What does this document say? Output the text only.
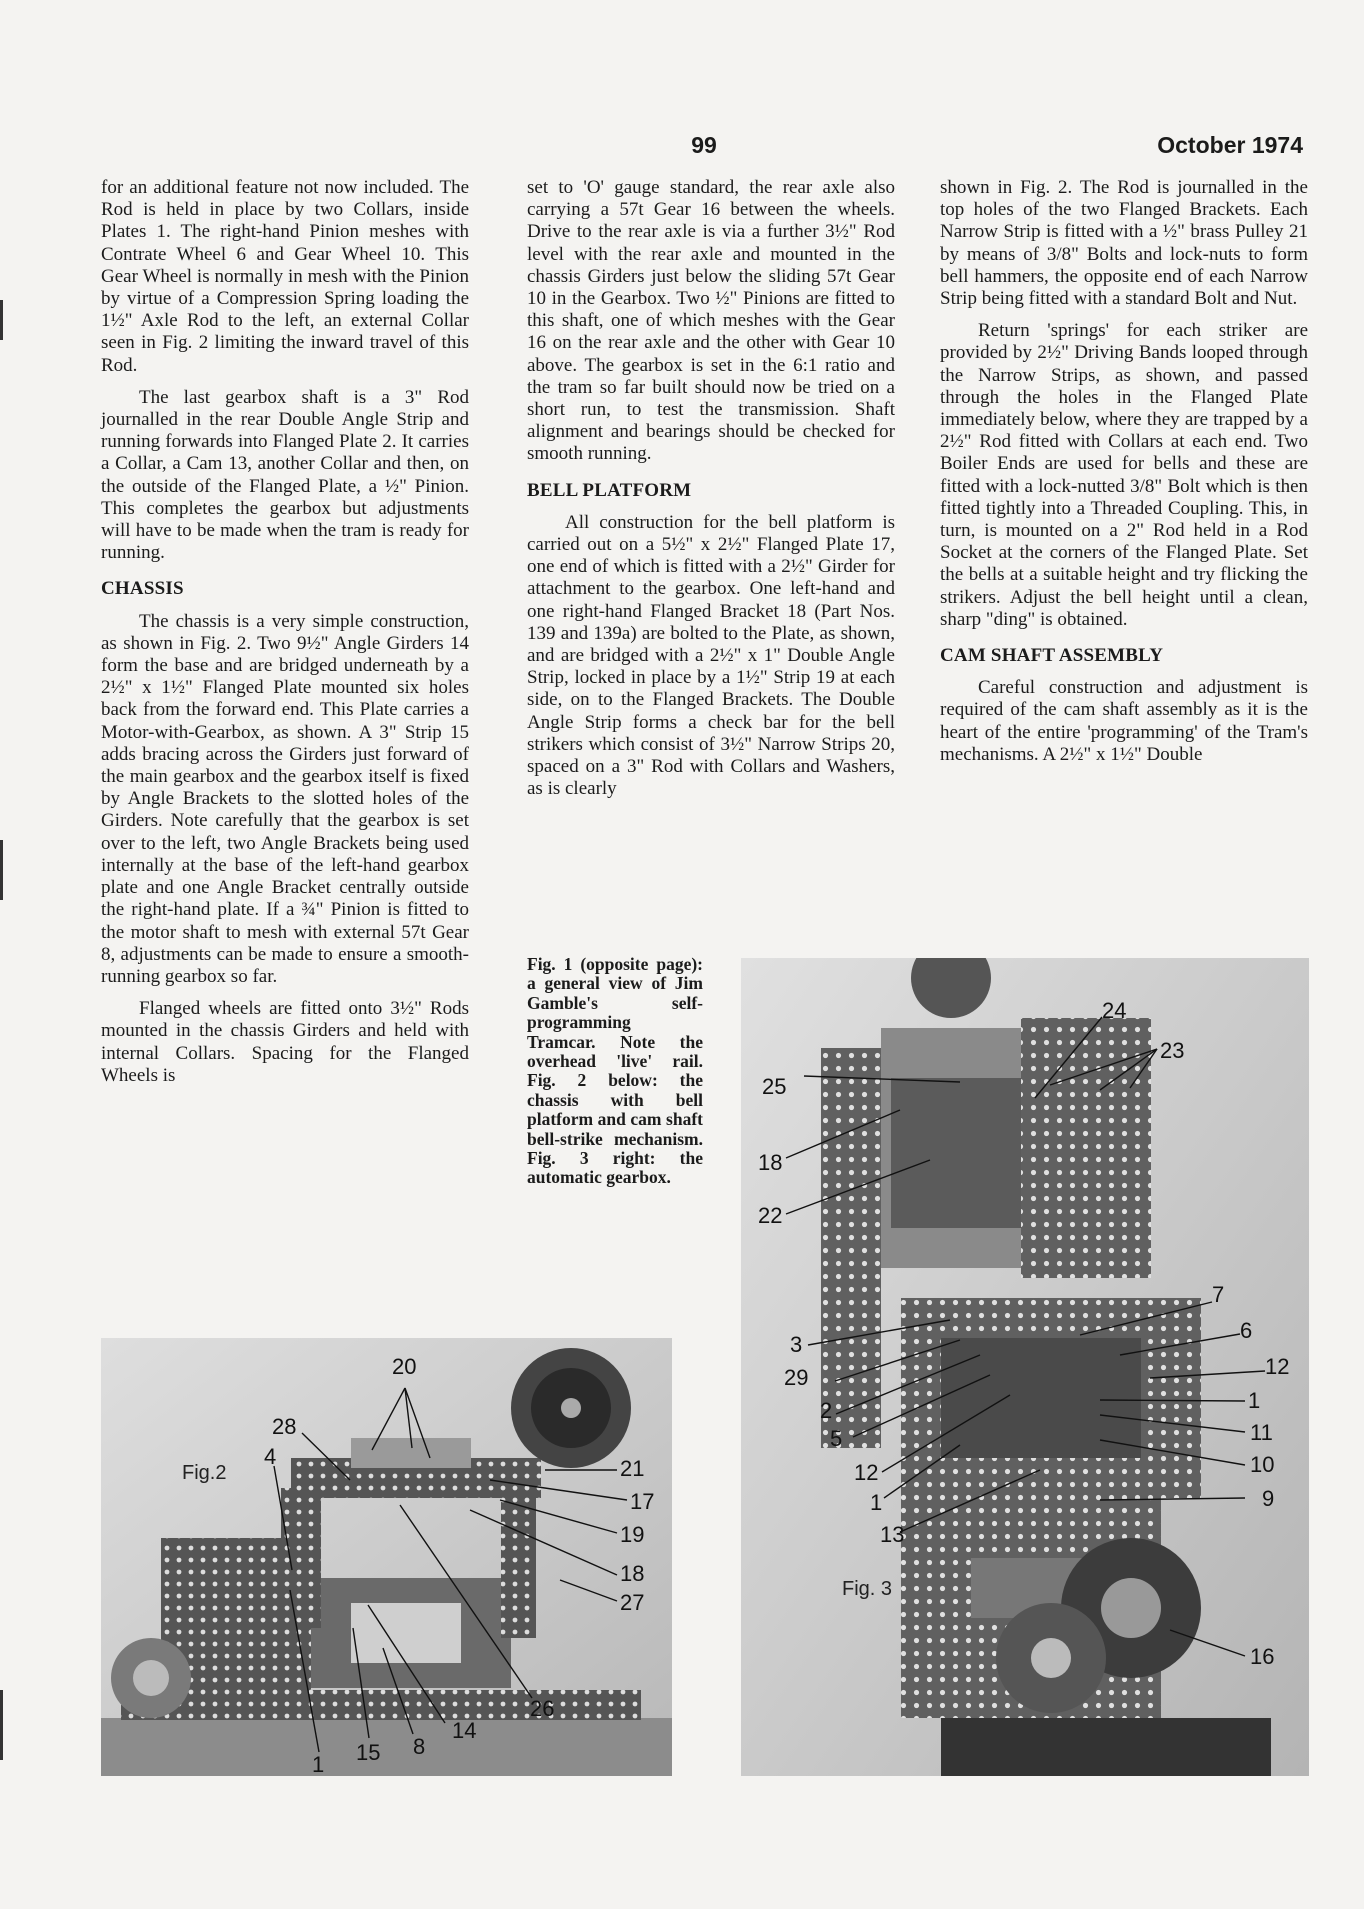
99	October 1974

for an additional feature not now included. The Rod is held in place by two Collars, inside Plates 1. The right-hand Pinion meshes with Contrate Wheel 6 and Gear Wheel 10. This Gear Wheel is normally in mesh with the Pinion by virtue of a Compression Spring loading the 1½" Axle Rod to the left, an external Collar seen in Fig. 2 limiting the inward travel of this Rod.

The last gearbox shaft is a 3" Rod journalled in the rear Double Angle Strip and running forwards into Flanged Plate 2. It carries a Collar, a Cam 13, another Collar and then, on the outside of the Flanged Plate, a ½" Pinion. This completes the gearbox but adjustments will have to be made when the tram is ready for running.

CHASSIS

The chassis is a very simple construction, as shown in Fig. 2. Two 9½" Angle Girders 14 form the base and are bridged underneath by a 2½" x 1½" Flanged Plate mounted six holes back from the forward end. This Plate carries a Motor-with-Gearbox, as shown. A 3" Strip 15 adds bracing across the Girders just forward of the main gearbox and the gearbox itself is fixed by Angle Brackets to the slotted holes of the Girders. Note carefully that the gearbox is set over to the left, two Angle Brackets being used internally at the base of the left-hand gearbox plate and one Angle Bracket centrally outside the right-hand plate. If a ¾" Pinion is fitted to the motor shaft to mesh with external 57t Gear 8, adjustments can be made to ensure a smooth-running gearbox so far.

Flanged wheels are fitted onto 3½" Rods mounted in the chassis Girders and held with internal Collars. Spacing for the Flanged Wheels is

set to 'O' gauge standard, the rear axle also carrying a 57t Gear 16 between the wheels. Drive to the rear axle is via a further 3½" Rod level with the rear axle and mounted in the chassis Girders just below the sliding 57t Gear 10 in the Gearbox. Two ½" Pinions are fitted to this shaft, one of which meshes with the Gear 16 on the rear axle and the other with Gear 10 above. The gearbox is set in the 6:1 ratio and the tram so far built should now be tried on a short run, to test the transmission. Shaft alignment and bearings should be checked for smooth running.

BELL PLATFORM

All construction for the bell platform is carried out on a 5½" x 2½" Flanged Plate 17, one end of which is fitted with a 2½" Girder for attachment to the gearbox. One left-hand and one right-hand Flanged Bracket 18 (Part Nos. 139 and 139a) are bolted to the Plate, as shown, and are bridged with a 2½" x 1" Double Angle Strip, locked in place by a 1½" Strip 19 at each side, on to the Flanged Brackets. The Double Angle Strip forms a check bar for the bell strikers which consist of 3½" Narrow Strips 20, spaced on a 3" Rod with Collars and Washers, as is clearly

shown in Fig. 2. The Rod is journalled in the top holes of the two Flanged Brackets. Each Narrow Strip is fitted with a ½" brass Pulley 21 by means of 3/8" Bolts and lock-nuts to form bell hammers, the opposite end of each Narrow Strip being fitted with a standard Bolt and Nut.

Return 'springs' for each striker are provided by 2½" Driving Bands looped through the Narrow Strips, as shown, and passed through the holes in the Flanged Plate immediately below, where they are trapped by a 2½" Rod fitted with Collars at each end. Two Boiler Ends are used for bells and these are fitted with a lock-nutted 3/8" Bolt which is then fitted tightly into a Threaded Coupling. This, in turn, is mounted on a 2" Rod held in a Rod Socket at the corners of the Flanged Plate. Set the bells at a suitable height and try flicking the strikers. Adjust the bell height until a clean, sharp "ding" is obtained.

CAM SHAFT ASSEMBLY

Careful construction and adjustment is required of the cam shaft assembly as it is the heart of the entire 'programming' of the Tram's mechanisms. A 2½" x 1½" Double

Fig. 1 (opposite page): a general view of Jim Gamble's self-programming Tramcar. Note the overhead 'live' rail. Fig. 2 below: the chassis with bell platform and cam shaft bell-strike mechanism. Fig. 3 right: the automatic gearbox.
Fig.2
20
28
4	21
17
19
18
27
26
14
8
15
1
Fig. 3
24
23
25
18
22
7
6
3
29
2
12
1
5	11
12	10
1	9
13
16
